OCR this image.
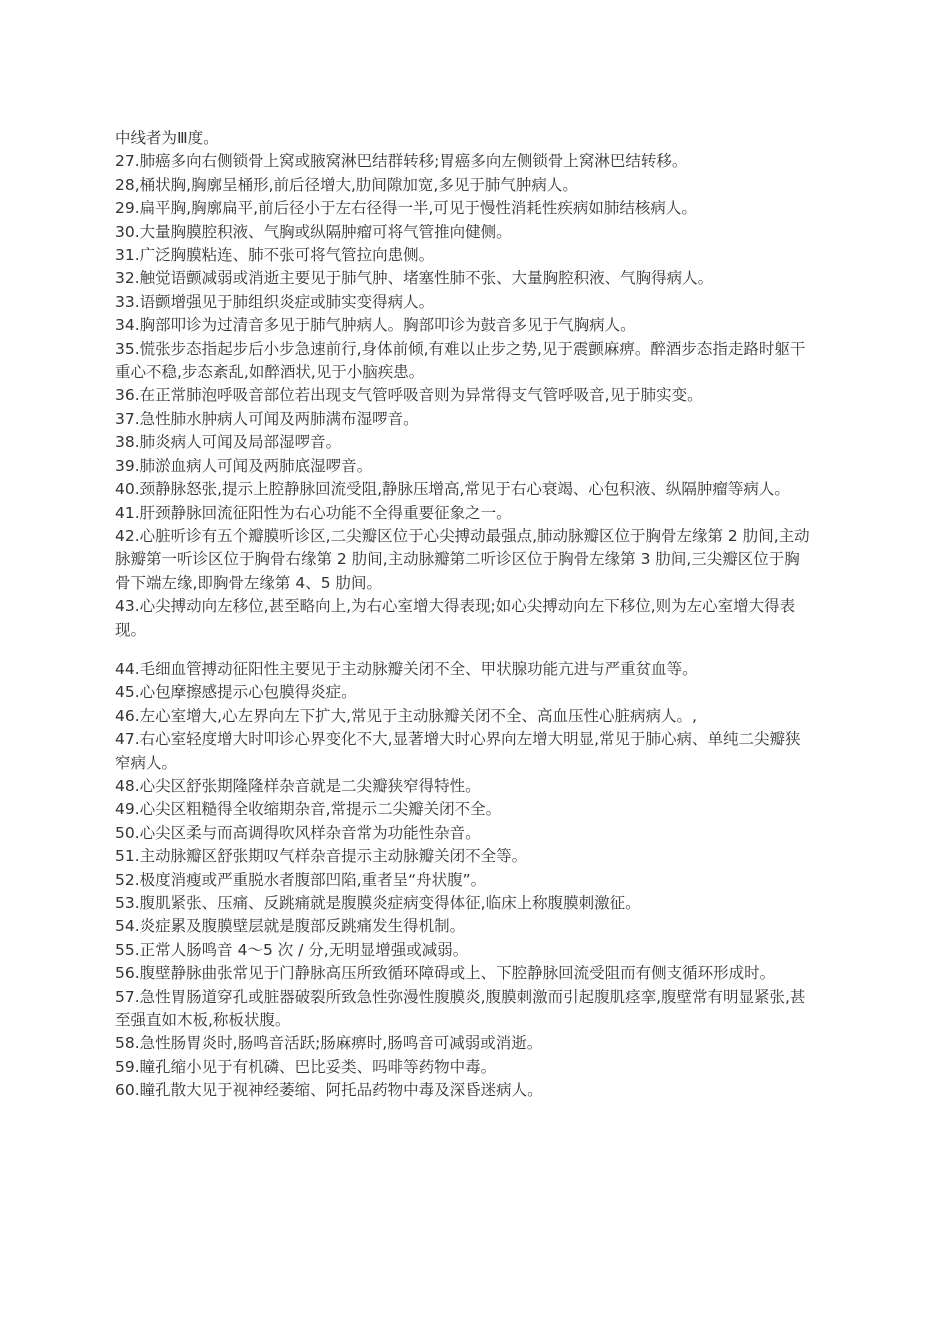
中线者为Ⅲ度。

27.肺癌多向右侧锁骨上窝或腋窝淋巴结群转移;胃癌多向左侧锁骨上窝淋巴结转移。

28,桶状胸,胸廓呈桶形,前后径增大,肋间隙加宽,多见于肺气肿病人。

29.扁平胸,胸廓扁平,前后径小于左右径得一半,可见于慢性消耗性疾病如肺结核病人。

30.大量胸膜腔积液、气胸或纵隔肿瘤可将气管推向健侧。

31.广泛胸膜粘连、肺不张可将气管拉向患侧。

32.触觉语颤减弱或消逝主要见于肺气肿、堵塞性肺不张、大量胸腔积液、气胸得病人。

33.语颤增强见于肺组织炎症或肺实变得病人。

34.胸部叩诊为过清音多见于肺气肿病人。胸部叩诊为鼓音多见于气胸病人。

35.慌张步态指起步后小步急速前行,身体前倾,有难以止步之势,见于震颤麻痹。醉酒步态指走路时躯干重心不稳,步态紊乱,如醉酒状,见于小脑疾患。

36.在正常肺泡呼吸音部位若出现支气管呼吸音则为异常得支气管呼吸音,见于肺实变。

37.急性肺水肿病人可闻及两肺满布湿啰音。

38.肺炎病人可闻及局部湿啰音。

39.肺淤血病人可闻及两肺底湿啰音。

40.颈静脉怒张,提示上腔静脉回流受阻,静脉压增高,常见于右心衰竭、心包积液、纵隔肿瘤等病人。

41.肝颈静脉回流征阳性为右心功能不全得重要征象之一。

42.心脏听诊有五个瓣膜听诊区,二尖瓣区位于心尖搏动最强点,肺动脉瓣区位于胸骨左缘第 2 肋间,主动脉瓣第一听诊区位于胸骨右缘第 2 肋间,主动脉瓣第二听诊区位于胸骨左缘第 3 肋间,三尖瓣区位于胸骨下端左缘,即胸骨左缘第 4、5 肋间。

43.心尖搏动向左移位,甚至略向上,为右心室增大得表现;如心尖搏动向左下移位,则为左心室增大得表现。

44.毛细血管搏动征阳性主要见于主动脉瓣关闭不全、甲状腺功能亢进与严重贫血等。

45.心包摩擦感提示心包膜得炎症。

46.左心室增大,心左界向左下扩大,常见于主动脉瓣关闭不全、高血压性心脏病病人。,

47.右心室轻度增大时叩诊心界变化不大,显著增大时心界向左增大明显,常见于肺心病、单纯二尖瓣狭窄病人。

48.心尖区舒张期隆隆样杂音就是二尖瓣狭窄得特性。

49.心尖区粗糙得全收缩期杂音,常提示二尖瓣关闭不全。

50.心尖区柔与而高调得吹风样杂音常为功能性杂音。

51.主动脉瓣区舒张期叹气样杂音提示主动脉瓣关闭不全等。

52.极度消瘦或严重脱水者腹部凹陷,重者呈“舟状腹”。

53.腹肌紧张、压痛、反跳痛就是腹膜炎症病变得体征,临床上称腹膜刺激征。

54.炎症累及腹膜壁层就是腹部反跳痛发生得机制。

55.正常人肠鸣音 4～5 次 / 分,无明显增强或减弱。

56.腹壁静脉曲张常见于门静脉高压所致循环障碍或上、下腔静脉回流受阻而有侧支循环形成时。

57.急性胃肠道穿孔或脏器破裂所致急性弥漫性腹膜炎,腹膜刺激而引起腹肌痉挛,腹壁常有明显紧张,甚至强直如木板,称板状腹。

58.急性肠胃炎时,肠鸣音活跃;肠麻痹时,肠鸣音可减弱或消逝。

59.瞳孔缩小见于有机磷、巴比妥类、吗啡等药物中毒。

60.瞳孔散大见于视神经萎缩、阿托品药物中毒及深昏迷病人。
